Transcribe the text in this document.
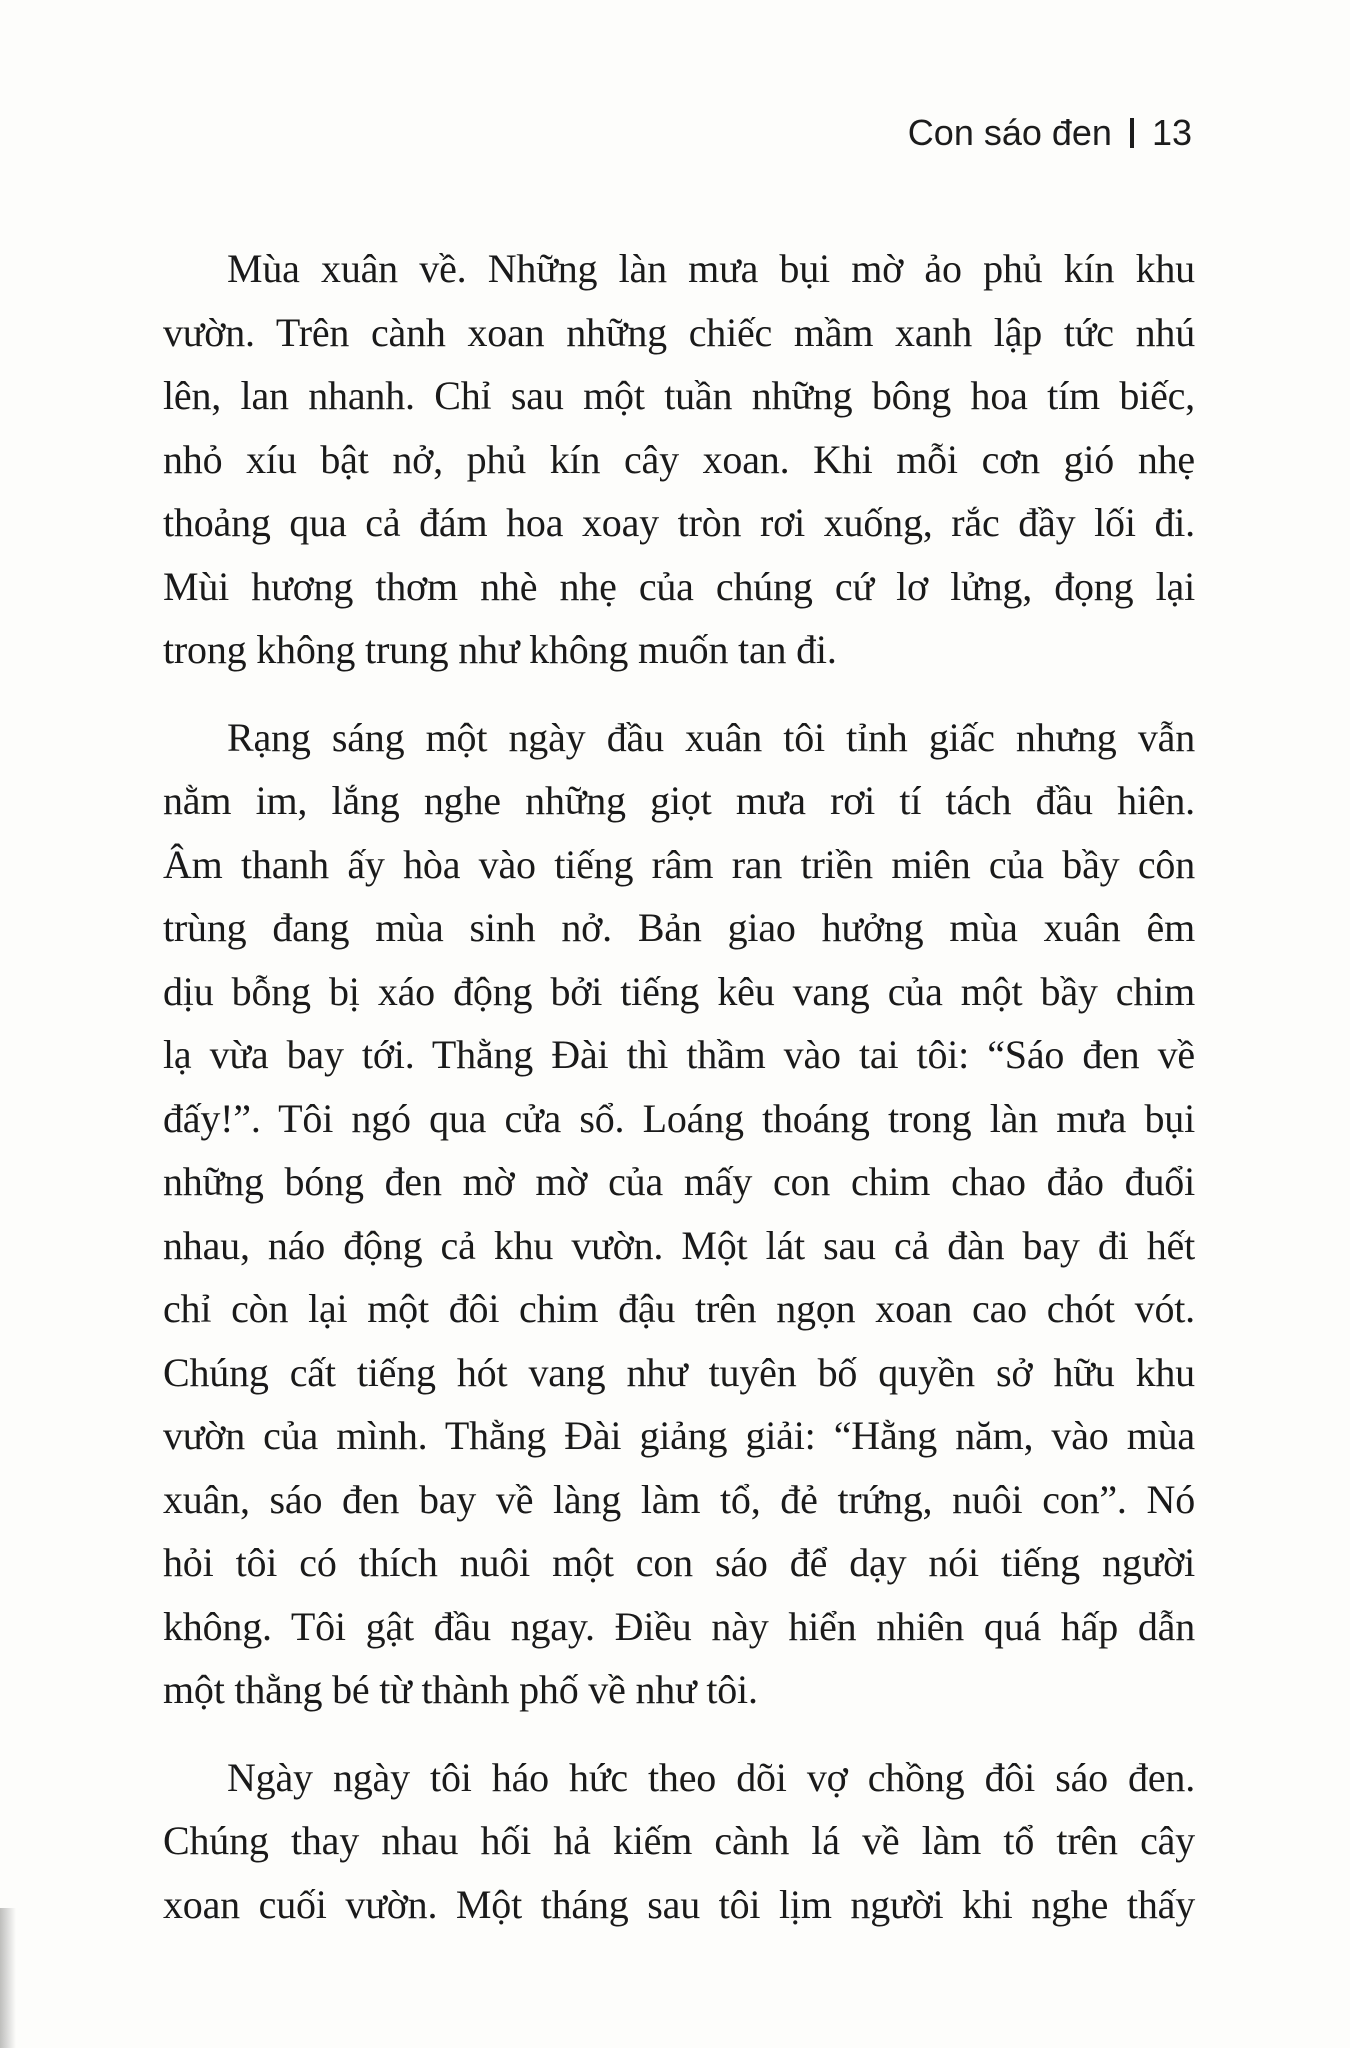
Con sáo đen 13

Mùa xuân về. Những làn mưa bụi mờ ảo phủ kín khu
vườn. Trên cành xoan những chiếc mầm xanh lập tức nhú
lên, lan nhanh. Chỉ sau một tuần những bông hoa tím biếc,
nhỏ xíu bật nở, phủ kín cây xoan. Khi mỗi cơn gió nhẹ
thoảng qua cả đám hoa xoay tròn rơi xuống, rắc đầy lối đi.
Mùi hương thơm nhè nhẹ của chúng cứ lơ lửng, đọng lại
trong không trung như không muốn tan đi.

Rạng sáng một ngày đầu xuân tôi tỉnh giấc nhưng vẫn
nằm im, lắng nghe những giọt mưa rơi tí tách đầu hiên.
Âm thanh ấy hòa vào tiếng râm ran triền miên của bầy côn
trùng đang mùa sinh nở. Bản giao hưởng mùa xuân êm
dịu bỗng bị xáo động bởi tiếng kêu vang của một bầy chim
lạ vừa bay tới. Thằng Đài thì thầm vào tai tôi: “Sáo đen về
đấy!”. Tôi ngó qua cửa sổ. Loáng thoáng trong làn mưa bụi
những bóng đen mờ mờ của mấy con chim chao đảo đuổi
nhau, náo động cả khu vườn. Một lát sau cả đàn bay đi hết
chỉ còn lại một đôi chim đậu trên ngọn xoan cao chót vót.
Chúng cất tiếng hót vang như tuyên bố quyền sở hữu khu
vườn của mình. Thằng Đài giảng giải: “Hằng năm, vào mùa
xuân, sáo đen bay về làng làm tổ, đẻ trứng, nuôi con”. Nó
hỏi tôi có thích nuôi một con sáo để dạy nói tiếng người
không. Tôi gật đầu ngay. Điều này hiển nhiên quá hấp dẫn
một thằng bé từ thành phố về như tôi.

Ngày ngày tôi háo hức theo dõi vợ chồng đôi sáo đen.
Chúng thay nhau hối hả kiếm cành lá về làm tổ trên cây
xoan cuối vườn. Một tháng sau tôi lịm người khi nghe thấy
